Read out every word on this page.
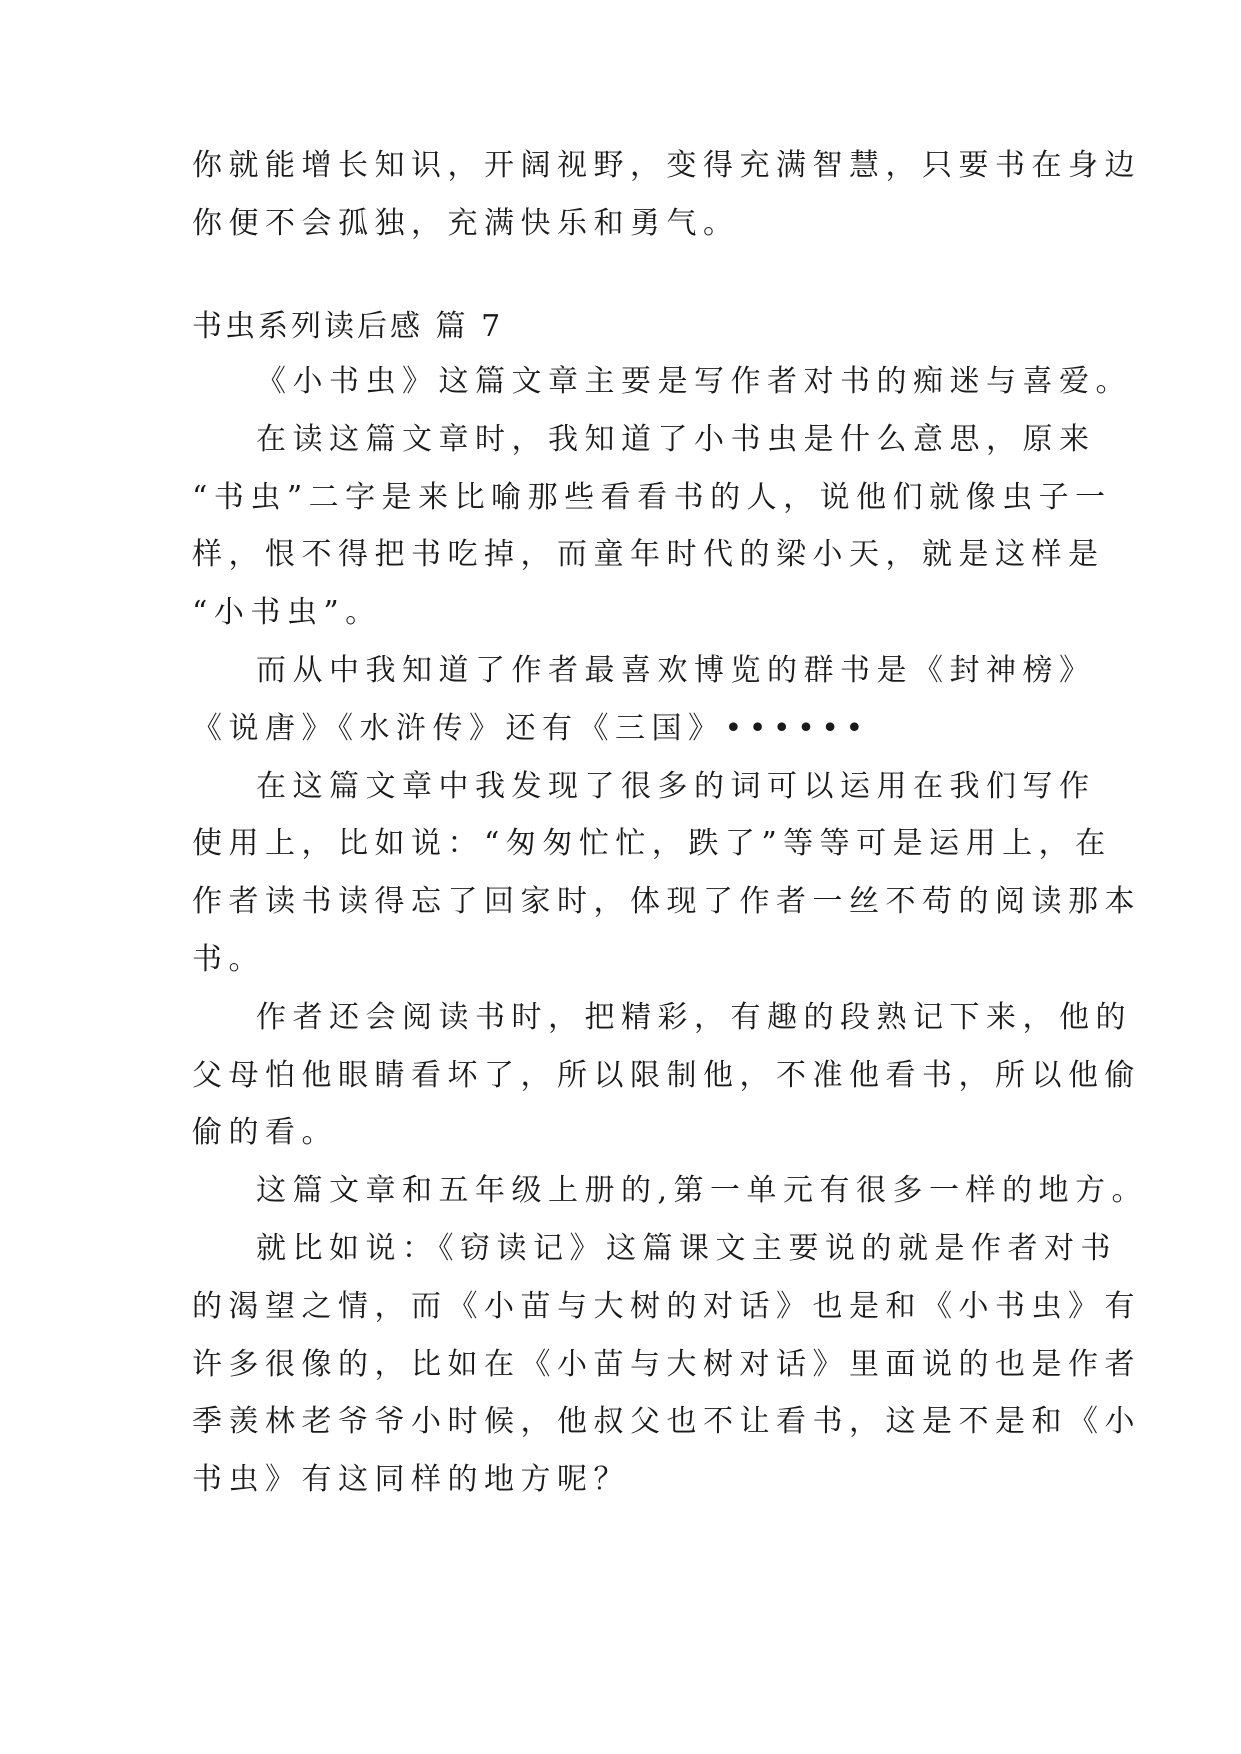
你就能增长知识，开阔视野，变得充满智慧，只要书在身边

你便不会孤独，充满快乐和勇气。

书虫系列读后感 篇 7

《小书虫》这篇文章主要是写作者对书的痴迷与喜爱。

在读这篇文章时，我知道了小书虫是什么意思，原来

“书虫”二字是来比喻那些看看书的人，说他们就像虫子一

样，恨不得把书吃掉，而童年时代的梁小天，就是这样是

“小书虫”。

而从中我知道了作者最喜欢博览的群书是《封神榜》

《说唐》《水浒传》还有《三国》••••••

在这篇文章中我发现了很多的词可以运用在我们写作

使用上，比如说：“匆匆忙忙，跌了”等等可是运用上，在

作者读书读得忘了回家时，体现了作者一丝不苟的阅读那本

书。

作者还会阅读书时，把精彩，有趣的段熟记下来，他的

父母怕他眼睛看坏了，所以限制他，不准他看书，所以他偷

偷的看。

这篇文章和五年级上册的,第一单元有很多一样的地方。

就比如说：《窃读记》这篇课文主要说的就是作者对书

的渴望之情，而《小苗与大树的对话》也是和《小书虫》有

许多很像的，比如在《小苗与大树对话》里面说的也是作者

季羡林老爷爷小时候，他叔父也不让看书，这是不是和《小

书虫》有这同样的地方呢？
